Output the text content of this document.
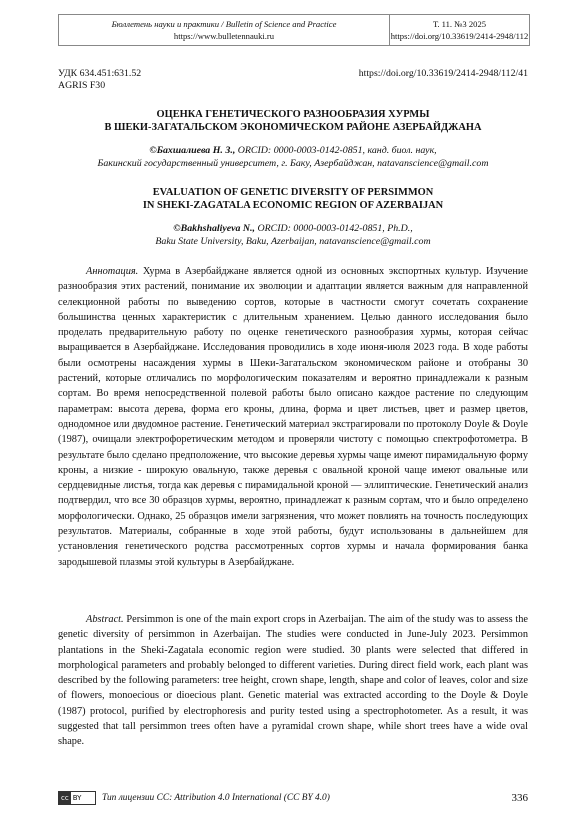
Бюллетень науки и практики / Bulletin of Science and Practice
https://www.bulletennauki.ru
Т. 11. №3 2025
https://doi.org/10.33619/2414-2948/112
УДК 634.451:631.52	https://doi.org/10.33619/2414-2948/112/41
AGRIS F30
ОЦЕНКА ГЕНЕТИЧЕСКОГО РАЗНООБРАЗИЯ ХУРМЫ
В ШЕКИ-ЗАГАТАЛЬСКОМ ЭКОНОМИЧЕСКОМ РАЙОНЕ АЗЕРБАЙДЖАНА
©Бахшалиева Н. З., ORCID: 0000-0003-0142-0851, канд. биол. наук,
Бакинский государственный университет, г. Баку, Азербайджан, natavanscience@gmail.com
EVALUATION OF GENETIC DIVERSITY OF PERSIMMON
IN SHEKI-ZAGATALA ECONOMIC REGION OF AZERBAIJAN
©Bakhshaliyeva N., ORCID: 0000-0003-0142-0851, Ph.D.,
Baku State University, Baku, Azerbaijan, natavanscience@gmail.com
Аннотация. Хурма в Азербайджане является одной из основных экспортных культур. Изучение разнообразия этих растений, понимание их эволюции и адаптации является важным для направленной селекционной работы по выведению сортов, которые в частности смогут сочетать сохранение большинства ценных характеристик с длительным хранением. Целью данного исследования было проделать предварительную работу по оценке генетического разнообразия хурмы, которая сейчас выращивается в Азербайджане. Исследования проводились в ходе июня-июля 2023 года. В ходе работы были осмотрены насаждения хурмы в Шеки-Загатальском экономическом районе и отобраны 30 растений, которые отличались по морфологическим показателям и вероятно принадлежали к разным сортам. Во время непосредственной полевой работы было описано каждое растение по следующим параметрам: высота дерева, форма его кроны, длина, форма и цвет листьев, цвет и размер цветов, однодомное или двудомное растение. Генетический материал экстрагировали по протоколу Doyle & Doyle (1987), очищали электрофоретическим методом и проверяли чистоту с помощью спектрофотометра. В результате было сделано предположение, что высокие деревья хурмы чаще имеют пирамидальную форму кроны, а низкие - широкую овальную, также деревья с овальной кроной чаще имеют овальные или сердцевидные листья, тогда как деревья с пирамидальной кроной — эллиптические. Генетический анализ подтвердил, что все 30 образцов хурмы, вероятно, принадлежат к разным сортам, что и было определено морфологически. Однако, 25 образцов имели загрязнения, что может повлиять на точность последующих результатов. Материалы, собранные в ходе этой работы, будут использованы в дальнейшем для установления генетического родства рассмотренных сортов хурмы и начала формирования банка зародышевой плазмы этой культуры в Азербайджане.
Abstract. Persimmon is one of the main export crops in Azerbaijan. The aim of the study was to assess the genetic diversity of persimmon in Azerbaijan. The studies were conducted in June-July 2023. Persimmon plantations in the Sheki-Zagatala economic region were studied. 30 plants were selected that differed in morphological parameters and probably belonged to different varieties. During direct field work, each plant was described by the following parameters: tree height, crown shape, length, shape and color of leaves, color and size of flowers, monoecious or dioecious plant. Genetic material was extracted according to the Doyle & Doyle (1987) protocol, purified by electrophoresis and purity tested using a spectrophotometer. As a result, it was suggested that tall persimmon trees often have a pyramidal crown shape, while short trees have a wide oval shape.
cc BY Тип лицензии CC: Attribution 4.0 International (CC BY 4.0)	336
